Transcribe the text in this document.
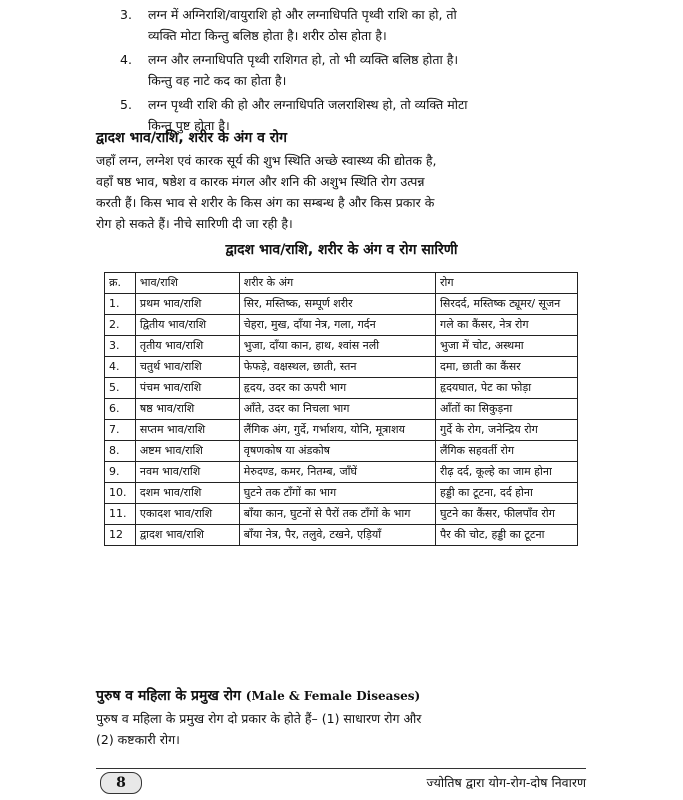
3.	लग्न में अग्निराशि/वायुराशि हो और लग्नाधिपति पृथ्वी राशि का हो, तो
व्यक्ति मोटा किन्तु बलिष्ठ होता है। शरीर ठोस होता है।
4.	लग्न और लग्नाधिपति पृथ्वी राशिगत हो, तो भी व्यक्ति बलिष्ठ होता है।
किन्तु वह नाटे कद का होता है।
5.	लग्न पृथ्वी राशि की हो और लग्नाधिपति जलराशिस्थ हो, तो व्यक्ति मोटा
किन्तु पुष्ट होता है।
द्वादश भाव/राशि, शरीर के अंग व रोग
जहाँ लग्न, लग्नेश एवं कारक सूर्य की शुभ स्थिति अच्छे स्वास्थ्य की द्योतक है,
वहाँ षष्ठ भाव, षष्ठेश व कारक मंगल और शनि की अशुभ स्थिति रोग उत्पन्न
करती हैं। किस भाव से शरीर के किस अंग का सम्बन्ध है और किस प्रकार के
रोग हो सकते हैं। नीचे सारिणी दी जा रही है।
द्वादश भाव/राशि, शरीर के अंग व रोग सारिणी
क्र.	भाव/राशि	शरीर के अंग	रोग
1.	प्रथम भाव/राशि	सिर, मस्तिष्क, सम्पूर्ण शरीर	सिरदर्द, मस्तिष्क ट्यूमर/ सूजन
2.	द्वितीय भाव/राशि	चेहरा, मुख, दाँया नेत्र, गला, गर्दन	गले का कैंसर, नेत्र रोग
3.	तृतीय भाव/राशि	भुजा, दाँया कान, हाथ, श्वांस नली	भुजा में चोट, अस्थमा
4.	चतुर्थ भाव/राशि	फेफड़े, वक्षस्थल, छाती, स्तन	दमा, छाती का कैंसर
5.	पंचम भाव/राशि	हृदय, उदर का ऊपरी भाग	हृदयघात, पेट का फोड़ा
6.	षष्ठ भाव/राशि	आँते, उदर का निचला भाग	आँतों का सिकुड़ना
7.	सप्तम भाव/राशि	लैंगिक अंग, गुर्दे, गर्भाशय, योनि, मूत्राशय	गुर्दे के रोग, जनेन्द्रिय रोग
8.	अष्टम भाव/राशि	वृषणकोष या अंडकोष	लैंगिक सहवर्ती रोग
9.	नवम भाव/राशि	मेरुदण्ड, कमर, नितम्ब, जाँघें	रीढ़ दर्द, कूल्हे का जाम होना
10.	दशम भाव/राशि	घुटने तक टाँगों का भाग	हड्डी का टूटना, दर्द होना
11.	एकादश भाव/राशि	बाँया कान, घुटनों से पैरों तक टाँगों के भाग	घुटने का कैंसर, फीलपाँव रोग
12	द्वादश भाव/राशि	बाँया नेत्र, पैर, तलुवे, टखने, एड़ियाँ	पैर की चोट, हड्डी का टूटना
पुरुष व महिला के प्रमुख रोग (Male & Female Diseases)
पुरुष व महिला के प्रमुख रोग दो प्रकार के होते हैं– (1) साधारण रोग और
(2) कष्टकारी रोग।
8	ज्योतिष द्वारा योग-रोग-दोष निवारण
